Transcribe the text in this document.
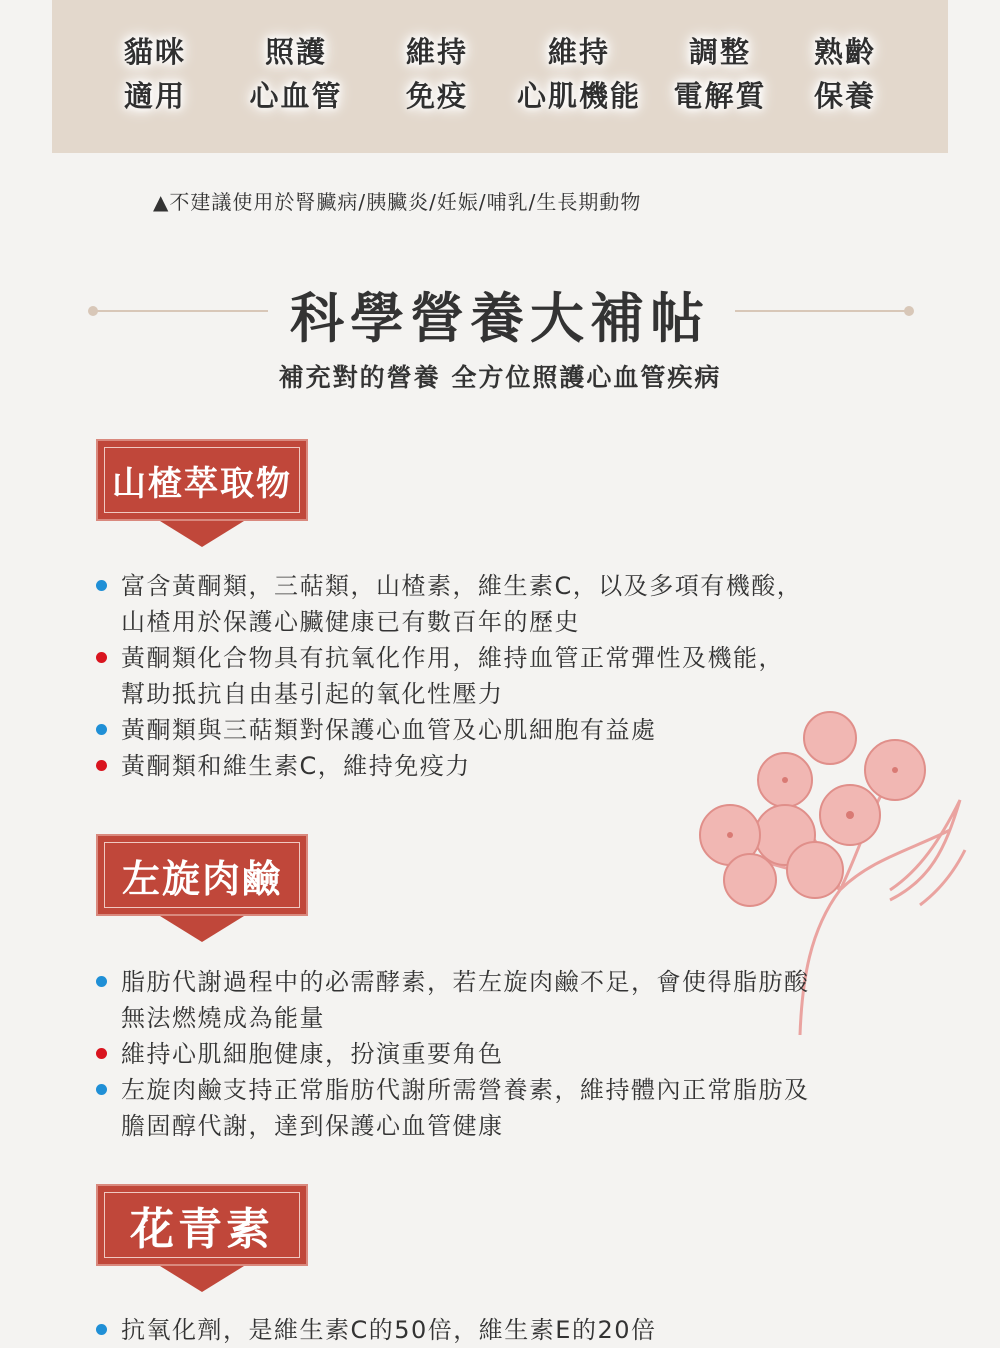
貓咪
適用
照護
心血管
維持
免疫
維持
心肌機能
調整
電解質
熟齡
保養
▲不建議使用於腎臟病/胰臟炎/妊娠/哺乳/生長期動物
科學營養大補帖
補充對的營養 全方位照護心血管疾病
山楂萃取物
富含黃酮類，三萜類，山楂素，維生素C，以及多項有機酸，
山楂用於保護心臟健康已有數百年的歷史
黃酮類化合物具有抗氧化作用，維持血管正常彈性及機能，
幫助抵抗自由基引起的氧化性壓力
黃酮類與三萜類對保護心血管及心肌細胞有益處
黃酮類和維生素C，維持免疫力
左旋肉鹼
脂肪代謝過程中的必需酵素，若左旋肉鹼不足，會使得脂肪酸
無法燃燒成為能量
維持心肌細胞健康，扮演重要角色
左旋肉鹼支持正常脂肪代謝所需營養素，維持體內正常脂肪及
膽固醇代謝，達到保護心血管健康
花青素
抗氧化劑，是維生素C的50倍，維生素E的20倍
